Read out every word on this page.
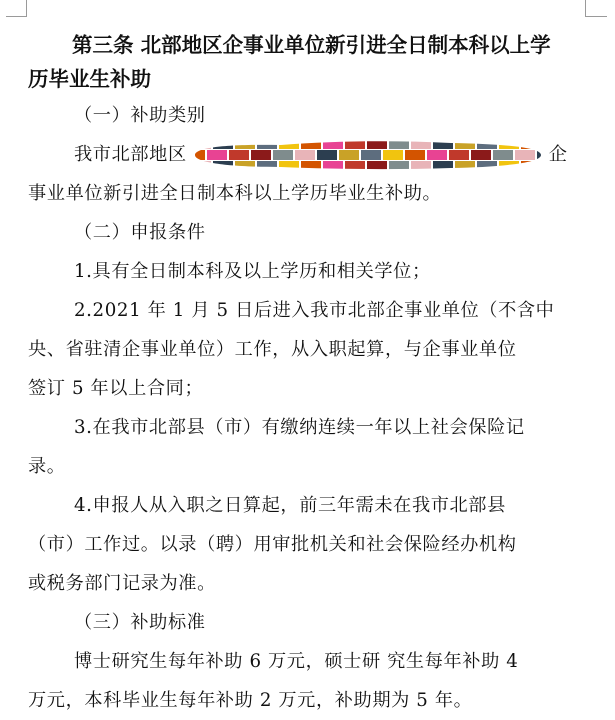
第三条 北部地区企事业单位新引进全日制本科以上学
历毕业生补助

（一）补助类别

我市北部地区	企

事业单位新引进全日制本科以上学历毕业生补助。

（二）申报条件

1.具有全日制本科及以上学历和相关学位；

2.2021 年 1 月 5 日后进入我市北部企事业单位（不含中

央、省驻清企事业单位）工作，从入职起算，与企事业单位

签订 5 年以上合同；

3.在我市北部县（市）有缴纳连续一年以上社会保险记

录。

4.申报人从入职之日算起，前三年需未在我市北部县

（市）工作过。以录（聘）用审批机关和社会保险经办机构

或税务部门记录为准。

（三）补助标准

博士研究生每年补助 6 万元，硕士研 究生每年补助 4

万元，本科毕业生每年补助 2 万元，补助期为 5 年。
